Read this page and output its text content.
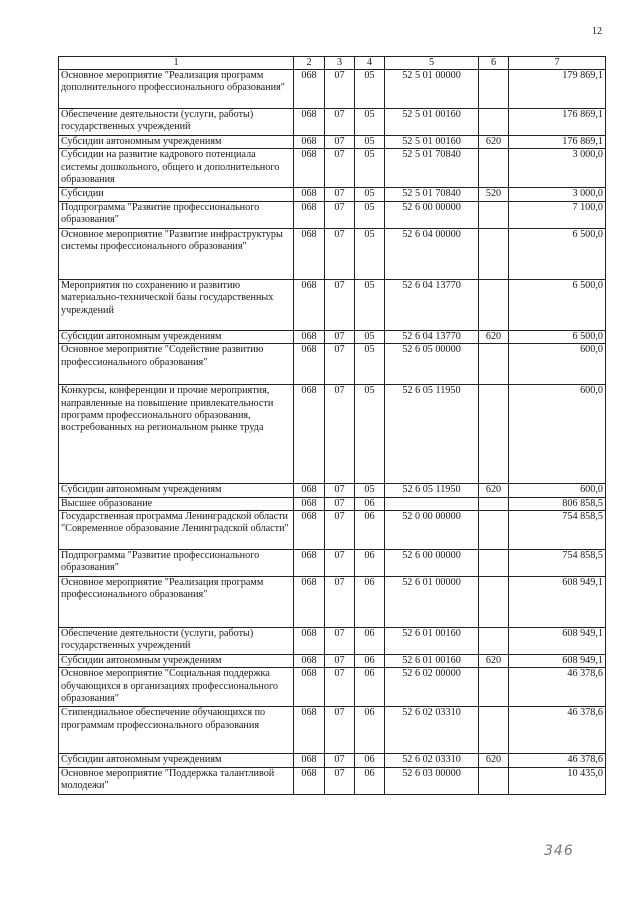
12
1	2	3	4	5	6	7
Основное мероприятие "Реализация программ дополнительного профессионального образования"	068	07	05	52 5 01 00000		179 869,1
Обеспечение деятельности (услуги, работы) государственных учреждений	068	07	05	52 5 01 00160		176 869,1
Субсидии автономным учреждениям	068	07	05	52 5 01 00160	620	176 869,1
Субсидии на развитие кадрового потенциала системы дошкольного, общего и дополнительного образования	068	07	05	52 5 01 70840		3 000,0
Субсидии	068	07	05	52 5 01 70840	520	3 000,0
Подпрограмма "Развитие профессионального образования"	068	07	05	52 6 00 00000		7 100,0
Основное мероприятие "Развитие инфраструктуры системы профессионального образования"	068	07	05	52 6 04 00000		6 500,0
Мероприятия по сохранению и развитию материально-технической базы государственных учреждений	068	07	05	52 6 04 13770		6 500,0
Субсидии автономным учреждениям	068	07	05	52 6 04 13770	620	6 500,0
Основное мероприятие "Содействие развитию профессионального образования"	068	07	05	52 6 05 00000		600,0
Конкурсы, конференции и прочие мероприятия, направленные на повышение привлекательности программ профессионального образования, востребованных на региональном рынке труда	068	07	05	52 6 05 11950		600,0
Субсидии автономным учреждениям	068	07	05	52 6 05 11950	620	600,0
Высшее образование	068	07	06			806 858,5
Государственная программа Ленинградской области "Современное образование Ленинградской области"	068	07	06	52 0 00 00000		754 858,5
Подпрограмма "Развитие профессионального образования"	068	07	06	52 6 00 00000		754 858,5
Основное мероприятие "Реализация программ профессионального образования"	068	07	06	52 6 01 00000		608 949,1
Обеспечение деятельности (услуги, работы) государственных учреждений	068	07	06	52 6 01 00160		608 949,1
Субсидии автономным учреждениям	068	07	06	52 6 01 00160	620	608 949,1
Основное мероприятие "Социальная поддержка обучающихся в организациях профессионального образования"	068	07	06	52 6 02 00000		46 378,6
Стипендиальное обеспечение обучающихся по программам профессионального образования	068	07	06	52 6 02 03310		46 378,6
Субсидии автономным учреждениям	068	07	06	52 6 02 03310	620	46 378,6
Основное мероприятие "Поддержка талантливой молодежи"	068	07	06	52 6 03 00000		10 435,0
346
